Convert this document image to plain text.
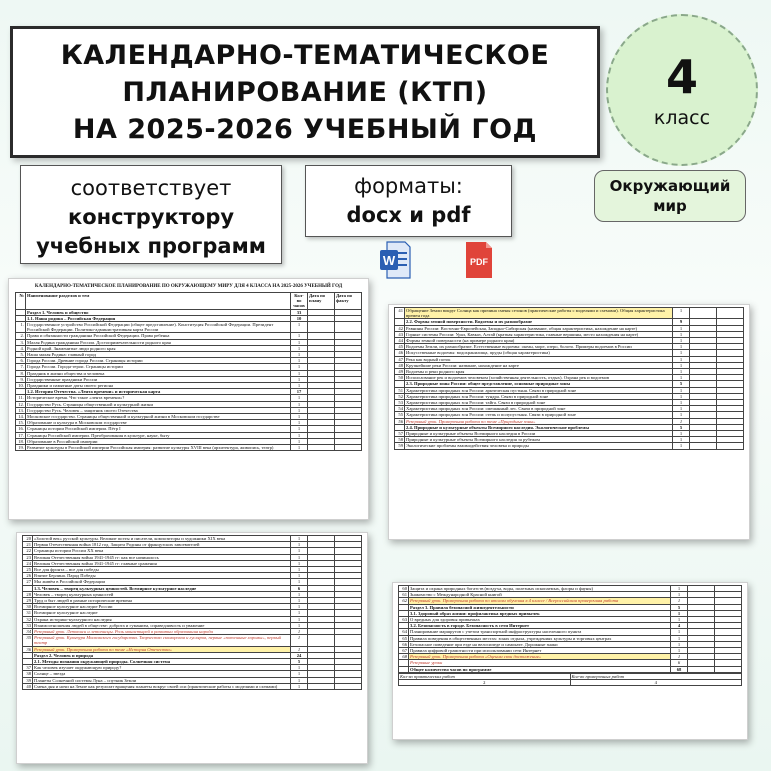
КАЛЕНДАРНО-ТЕМАТИЧЕСКОЕ
ПЛАНИРОВАНИЕ (КТП)
НА 2025-2026 УЧЕБНЫЙ ГОД
4
класс
соответствует
конструктору
учебных программ
форматы:
docx и pdf
Окружающий
мир
W	PDF
КАЛЕНДАРНО-ТЕМАТИЧЕСКОЕ ПЛАНИРОВАНИЕ ПО ОКРУЖАЮЩЕМУ МИРУ ДЛЯ 4 КЛАССА НА 2025-2026 УЧЕБНЫЙ ГОД
№	Наименование разделов и тем	Кол-во часов	Дата по плану	Дата по факту
	Раздел 1. Человек и общество	33		
	1.1. Наша родина – Российская Федерация	10		
1.	Государственное устройство Российской Федерации (общее представление). Конституция Российской Федерации. Президент Российской Федерации. Политико-административная карта России	1		
2.	Права и обязанности гражданина Российской Федерации. Права ребенка	1		
3.	Малая Родина гражданина России. Достопримечательности родного края	1		
4.	Родной край. Знаменитые люди родного края	1		
5.	Наша малая Родина: главный город	1		
6.	Города России. Древние города России. Страницы истории	1		
7.	Города России. Города-герои. Страницы истории	1		
8.	Праздник в жизни общества и человека	1		
9.	Государственные праздники России	1		
10.	Праздники и памятные даты своего региона	1		
	1.2. История Отечества. «Лента времени» и историческая карта	17		
11.	Историческое время. Что такое «лента времени»?	1		
12.	Государство Русь. Страницы общественной и культурной жизни	1		
13.	Государство Русь. Человек – защитник своего Отечества	1		
14.	Московское государство. Страницы общественной и культурной жизни в Московском государстве	1		
15.	Образование и культура в Московском государстве	1		
16.	Страницы истории Российской империи. Пётр I	1		
17.	Страницы Российской империи. Преобразования в культуре, науке, быту	1		
18.	Образование в Российской империи	1		
19.	Развитие культуры в Российской империи Российская империя: развитие культуры XVIII века (архитектура, живопись, театр)	1		
41	Обращение Земли вокруг Солнца как причина смены сезонов (практические работы с моделями и схемами). Общая характеристика времен года	1		
	2.2. Формы земной поверхности. Водоемы и их разнообразие	9		
42	Равнины России: Восточно-Европейская, Западно-Сибирская (название, общая характеристика, нахождение на карте)	1		
43	Горные системы России: Урал, Кавказ, Алтай (краткая характеристика, главные вершины, место нахождения на карте)	1		
44	Формы земной поверхности (на примере родного края)	1		
45	Водоемы Земли, их разнообразие. Естественные водоемы: океан, море, озеро, болото. Примеры водоемов в России	1		
46	Искусственные водоемы: водохранилища, пруды (общая характеристика)	1		
47	Река как водный поток	1		
48	Крупнейшие реки России: название, нахождение на карте	1		
49	Водоемы и реки родного края	1		
50	Использование рек и водоемов человеком (хозяйственная деятельность, отдых). Охрана рек и водоемов	1		
	2.3. Природные зоны России: общее представление, основные природные зоны	5		
51	Характеристика природных зон России: арктическая пустыня. Связи в природной зоне	1		
52	Характеристика природных зон России: тундра. Связи в природной зоне	1		
53	Характеристика природных зон России: тайга. Связи в природной зоне	1		
54	Характеристика природных зон России: смешанный лес. Связи в природной зоне	1		
55	Характеристика природных зон России: степь и полупустыня. Связи в природной зоне	1		
56	Резервный урок. Проверочная работа по теме «Природные зоны»	1		
	2.4. Природные и культурные объекты Всемирного наследия. Экологические проблемы	5		
57	Природные и культурные объекты Всемирного наследия в России	1		
58	Природные и культурные объекты Всемирного наследия за рубежом	1		
59	Экологические проблемы взаимодействия человека и природы	1		
20	«Золотой век» русской культуры. Великие поэты и писатели, композиторы и художники XIX века	1		
21	Первая Отечественная война 1812 год. Защита Родины от французских завоевателей	1		
22	Страницы истории России XX века	1		
23	Великая Отечественная война 1941-1945 гг: как все начиналось	1		
24	Великая Отечественная война 1941-1945 гг: главные сражения	1		
25	Все для фронта – все для победы	1		
26	Взятие Берлина. Парад Победы	1		
27	Мы живём в Российской Федерации	1		
	1.3. Человек – творец культурных ценностей. Всемирное культурное наследие	6		
28	Человек – творец культурных ценностей	1		
29	Труд и быт людей в разные исторические времена	1		
30	Всемирное культурное наследие России	1		
31	Всемирное культурное наследие	1		
32	Охрана историко-культурного наследия	1		
33	Взаимоотношения людей в обществе: доброта и гуманизм, справедливость и уважение	1		
34	Резервный урок. Летописи и летописцы. Роль монастырей в развитии образования народа	1		
35	Резервный урок. Культура Московского государства. Творчество скоморохов и гусляров, первые «потешные хоромы», первый театр	1		
36	Резервный урок. Проверочная работа по теме «История Отечества»	1		
	Раздел 2. Человек и природа	24		
	2.1. Методы познания окружающей природы. Солнечная система	5		
37	Как человек изучает окружающую природу?	1		
38	Солнце – звезда	1		
39	Планеты Солнечной системы Луна – спутник Земли	1		
40	Смена дня и ночи на Земле как результат вращения планеты вокруг своей оси (практические работы с моделями и схемами)	1		
60	Защита и охрана природных богатств (воздуха, воды, полезных ископаемых, флоры и фауны)	1		
61	Знакомство с Международной Красной книгой	1		
62	Резервный урок. Проверочная работа по итогам обучения в 4 классе / Всероссийская проверочная работа	1		
	Раздел 3. Правила безопасной жизнедеятельности	5		
	3.1. Здоровый образ жизни: профилактика вредных привычек	1		
63	О вредных для здоровья привычках	1		
	3.2. Безопасность в городе. Безопасность в сети Интернет	4		
64	Планирование маршрутов с учетом транспортной инфраструктуры населенного пункта	1		
65	Правила поведения в общественных местах: зонах отдыха, учреждениях культуры и торговых центрах	1		
66	Безопасное поведение при езде на велосипеде и самокате. Дорожные знаки	1		
67	Правила цифровой грамотности при использовании сети Интернет	1		
68	Резервный урок. Проверочная работа «Оценим свои достижения»	1		
	Резервные уроки	6		
	Общее количество часов по программе	68		
Кол-во практических работ	Кол-во проверочных работ
2	4
